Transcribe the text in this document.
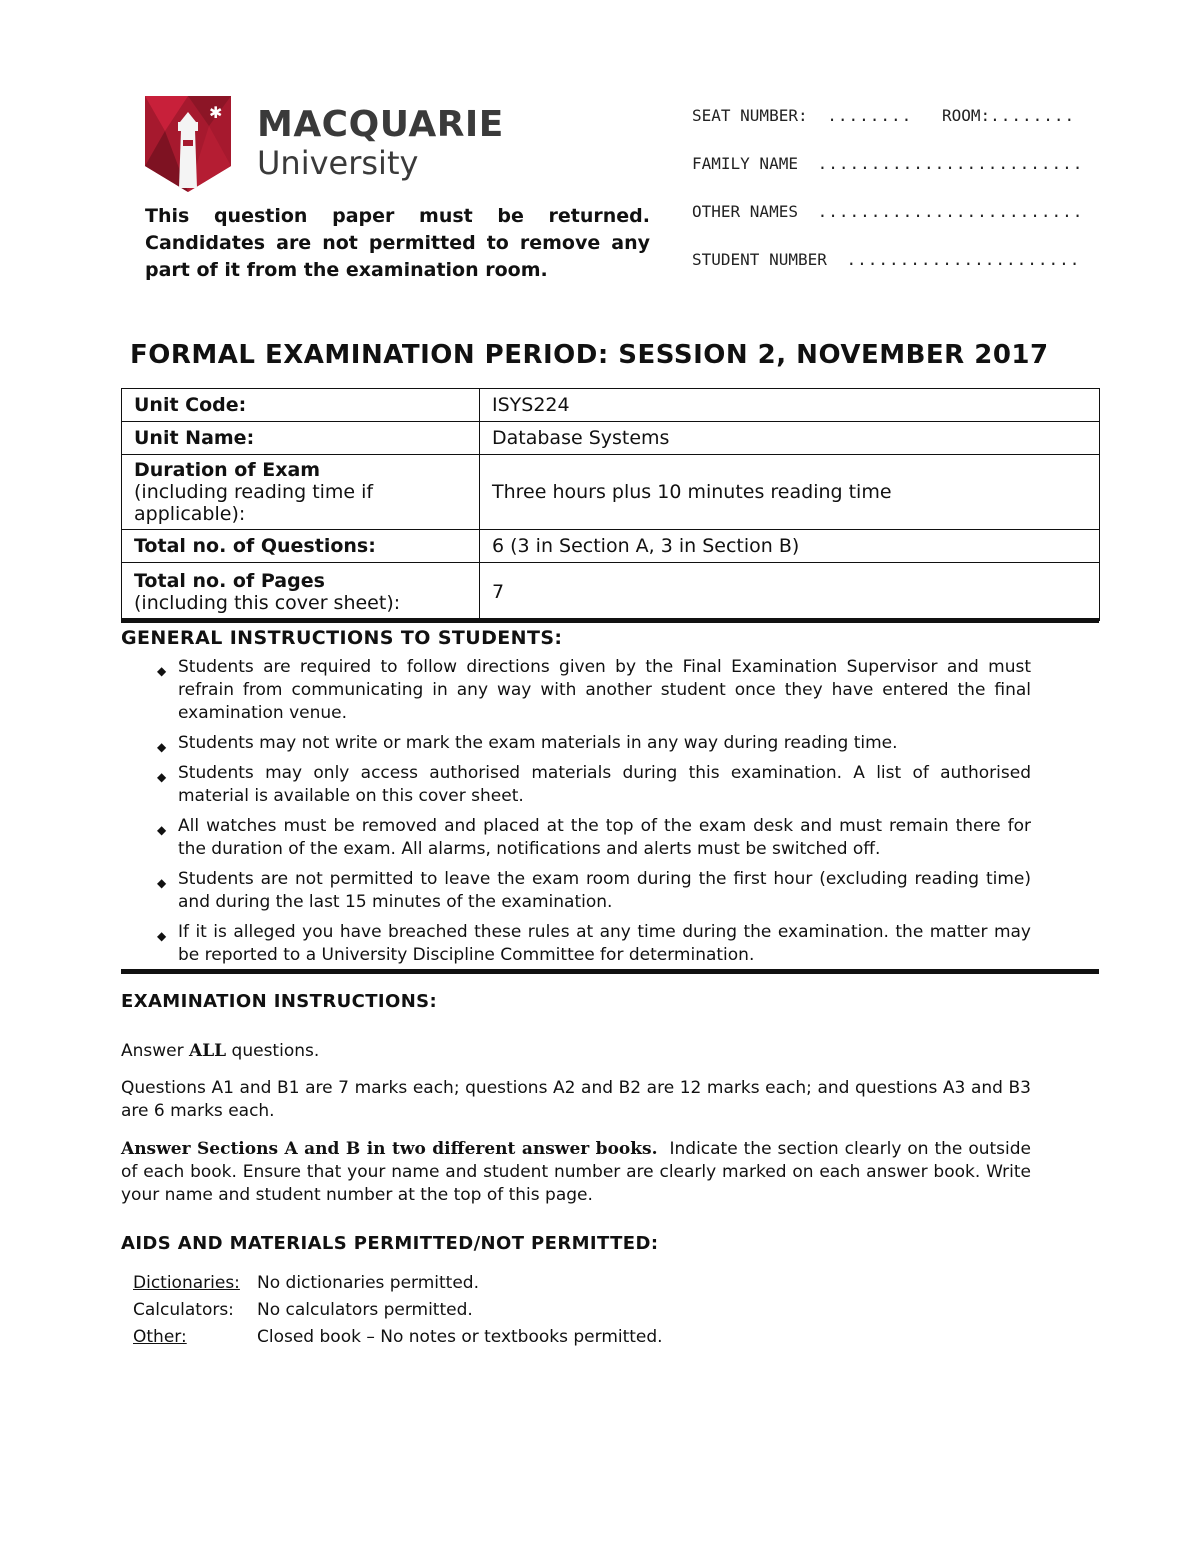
✱ MACQUARIE
University
This question paper must be returned. Candidates are not permitted to remove any part of it from the examination room.
SEAT NUMBER: ........ ROOM:........
FAMILY NAME .........................
OTHER NAMES .........................
STUDENT NUMBER ......................
FORMAL EXAMINATION PERIOD: SESSION 2, NOVEMBER 2017
Unit Code:	ISYS224
Unit Name:	Database Systems

Duration of Exam
(including reading time if applicable):	Three hours plus 10 minutes reading time
Total no. of Questions:	6 (3 in Section A, 3 in Section B)

Total no. of Pages
(including this cover sheet):	7
GENERAL INSTRUCTIONS TO STUDENTS:
◆ Students are required to follow directions given by the Final Examination Supervisor and must refrain from communicating in any way with another student once they have entered the final examination venue.
◆ Students may not write or mark the exam materials in any way during reading time.
◆ Students may only access authorised materials during this examination. A list of authorised material is available on this cover sheet.
◆ All watches must be removed and placed at the top of the exam desk and must remain there for the duration of the exam. All alarms, notifications and alerts must be switched off.
◆ Students are not permitted to leave the exam room during the first hour (excluding reading time) and during the last 15 minutes of the examination.
◆ If it is alleged you have breached these rules at any time during the examination. the matter may be reported to a University Discipline Committee for determination.
EXAMINATION INSTRUCTIONS:
Answer ALL questions.
Questions A1 and B1 are 7 marks each; questions A2 and B2 are 12 marks each; and questions A3 and B3 are 6 marks each.
Answer Sections A and B in two different answer books. Indicate the section clearly on the outside of each book. Ensure that your name and student number are clearly marked on each answer book. Write your name and student number at the top of this page.
AIDS AND MATERIALS PERMITTED/NOT PERMITTED:
Dictionaries: No dictionaries permitted.
Calculators: No calculators permitted.
Other:	Closed book – No notes or textbooks permitted.
